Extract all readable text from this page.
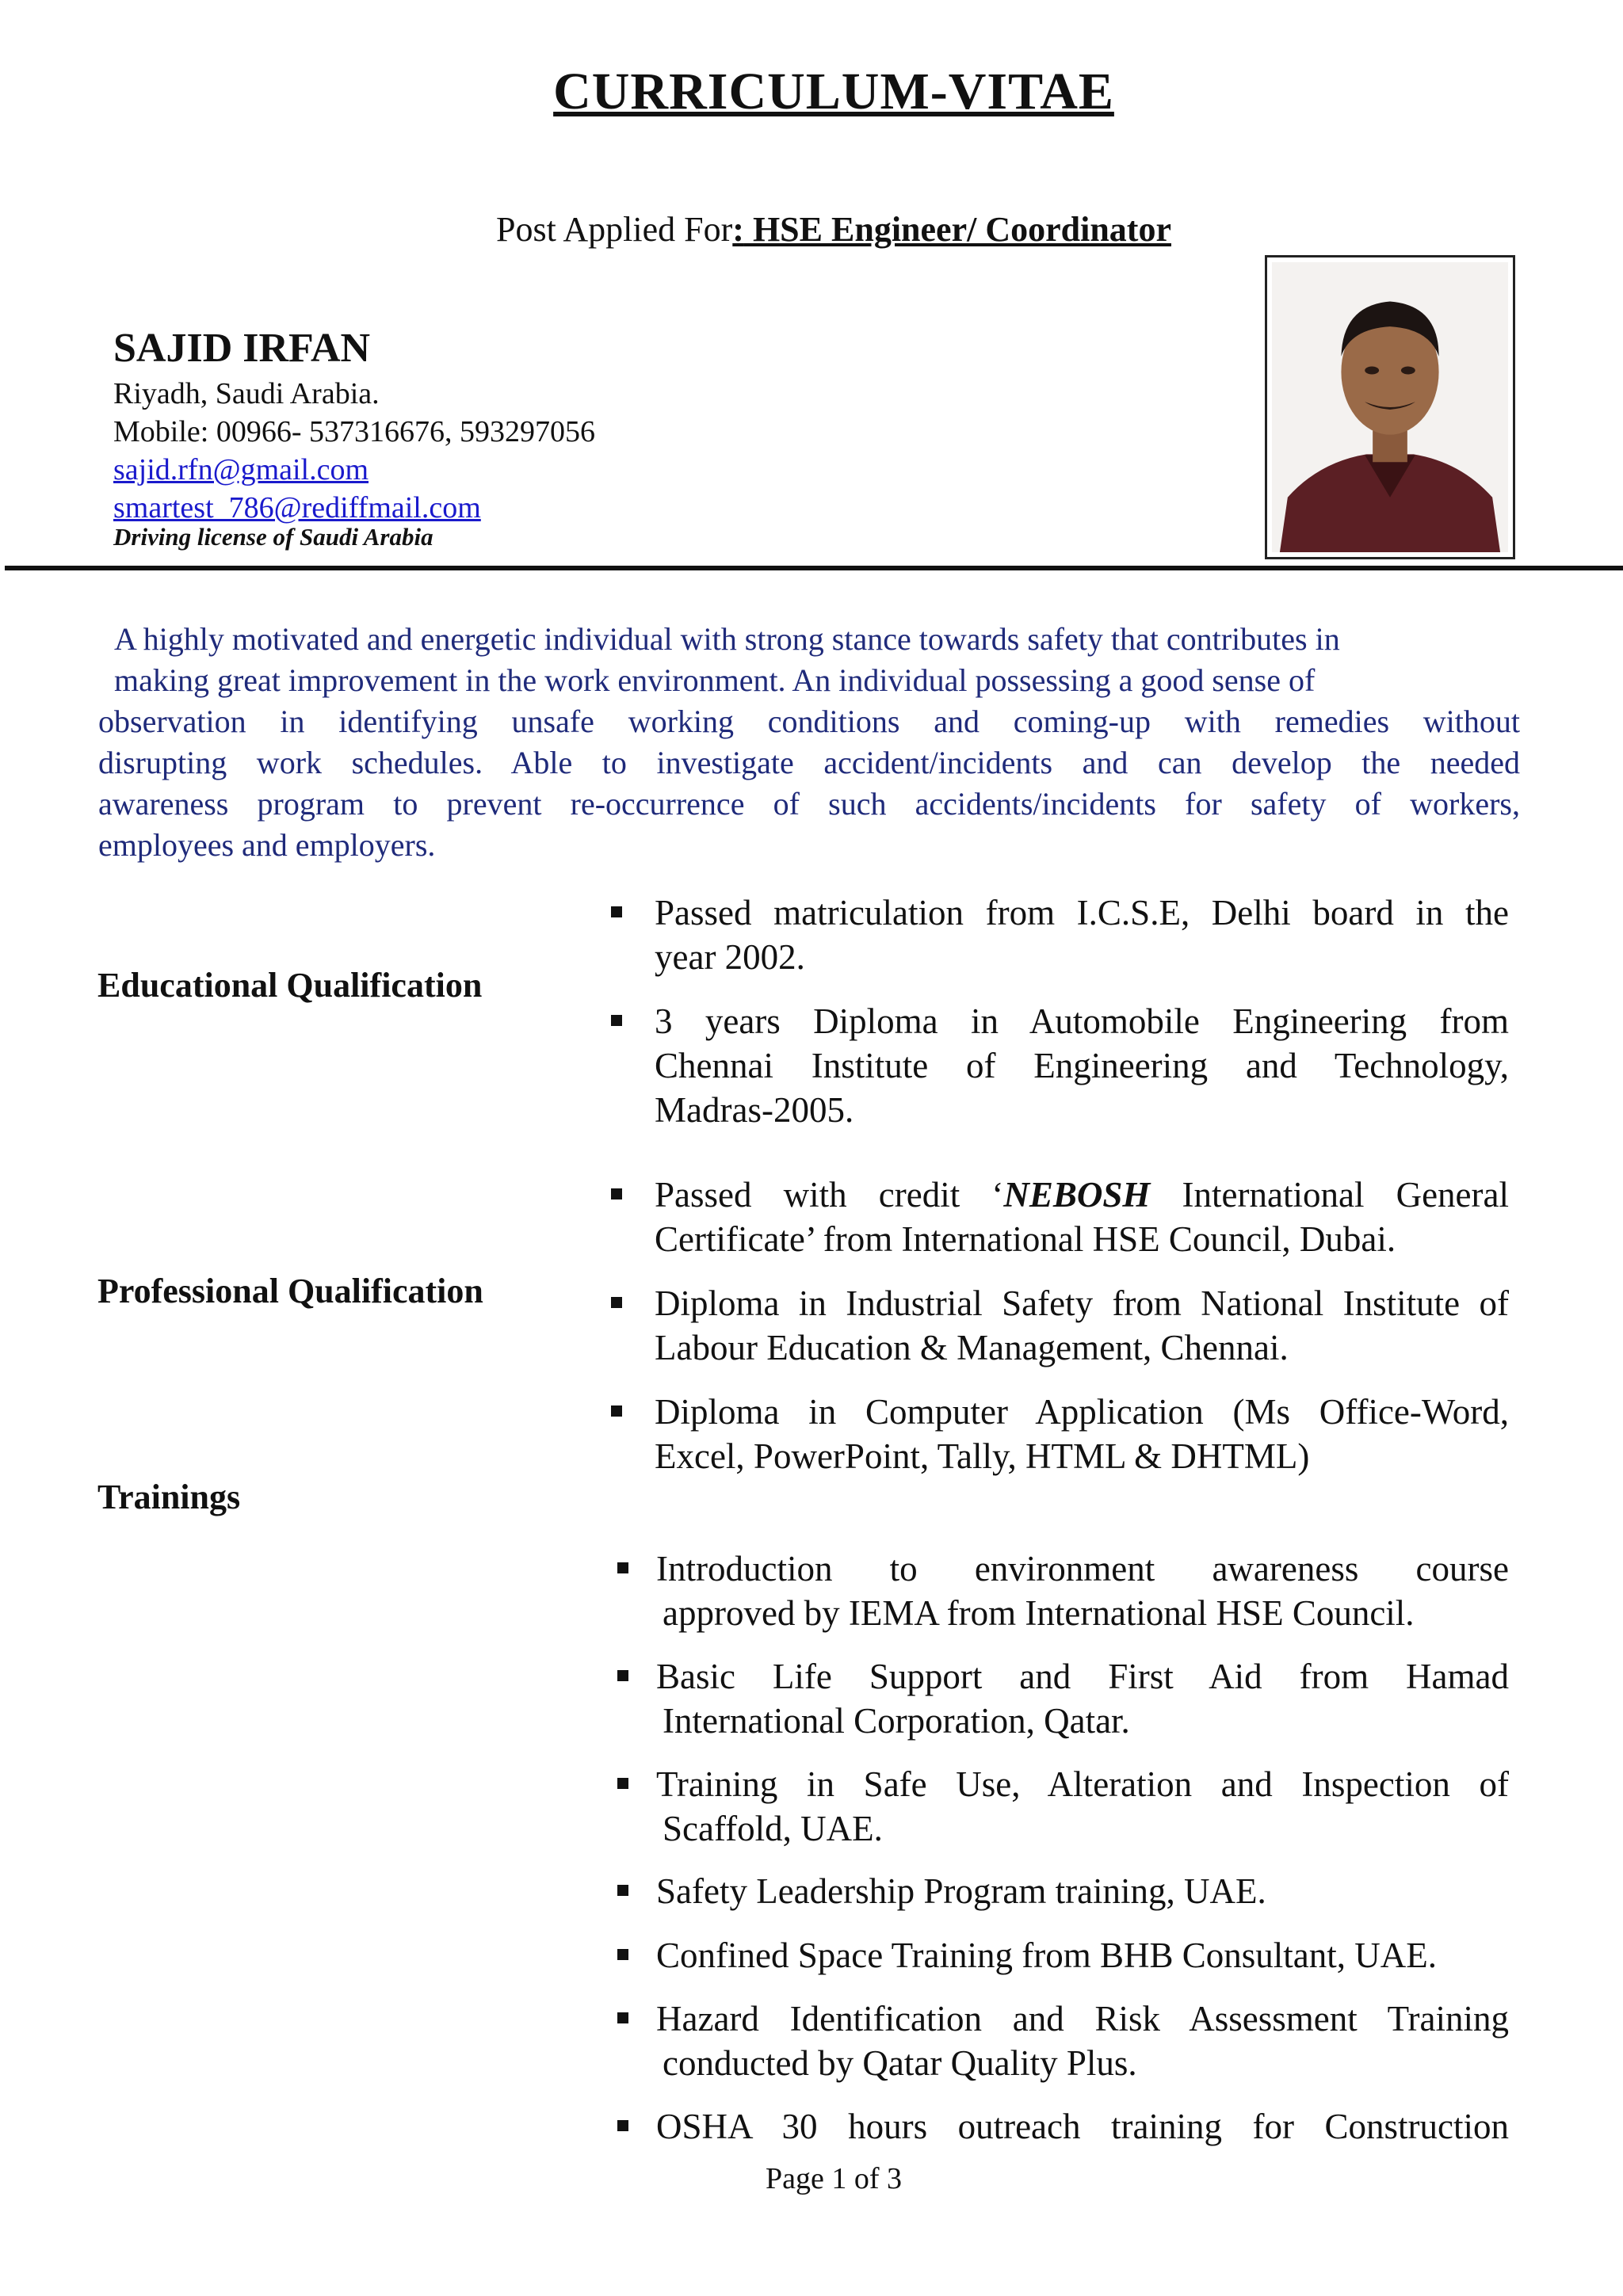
CURRICULUM-VITAE
Post Applied For: HSE Engineer/ Coordinator
SAJID IRFAN
Riyadh, Saudi Arabia.
Mobile: 00966- 537316676, 593297056
sajid.rfn@gmail.com
smartest_786@rediffmail.com
Driving license of Saudi Arabia
A highly motivated and energetic individual with strong stance towards safety that contributes in
making great improvement in the work environment. An individual possessing a good sense of
observation in identifying unsafe working conditions and coming-up with remedies without
disrupting work schedules. Able to investigate accident/incidents and can develop the needed
awareness program to prevent re-occurrence of such accidents/incidents for safety of workers,
employees and employers.
Educational Qualification
Professional Qualification
Trainings
Passed matriculation from I.C.S.E, Delhi board in the
year 2002.
3 years Diploma in Automobile Engineering from
Chennai Institute of Engineering and Technology,
Madras-2005.
Passed with credit ‘NEBOSH International General
Certificate’ from International HSE Council, Dubai.
Diploma in Industrial Safety from National Institute of
Labour Education & Management, Chennai.
Diploma in Computer Application (Ms Office-Word,
Excel, PowerPoint, Tally, HTML & DHTML)
Introduction to environment awareness course
approved by IEMA from International HSE Council.
Basic Life Support and First Aid from Hamad
International Corporation, Qatar.
Training in Safe Use, Alteration and Inspection of
Scaffold, UAE.
Safety Leadership Program training, UAE.
Confined Space Training from BHB Consultant, UAE.
Hazard Identification and Risk Assessment Training
conducted by Qatar Quality Plus.
OSHA 30 hours outreach training for Construction
Page 1 of 3
